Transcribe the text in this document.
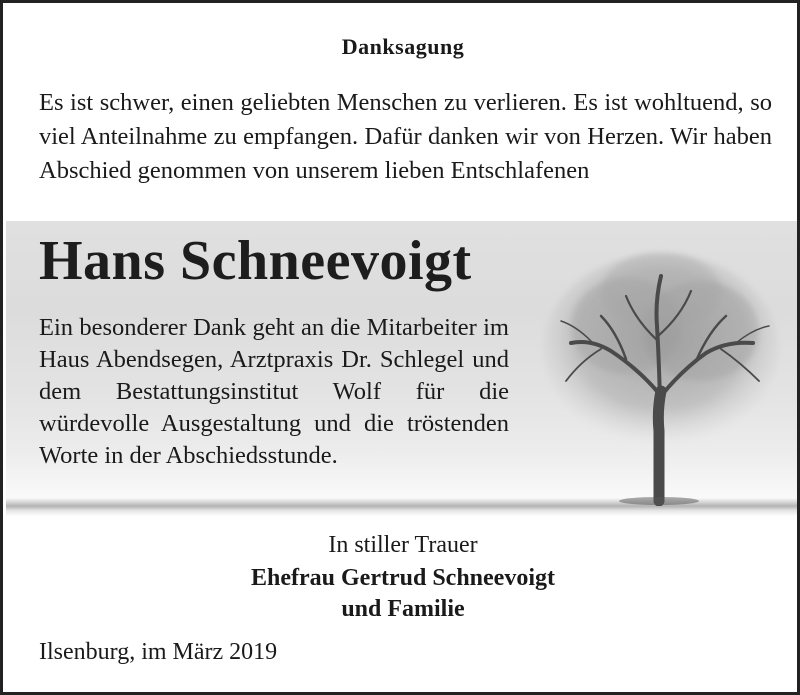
Danksagung
Es ist schwer, einen geliebten Menschen zu verlieren. Es ist wohltuend, so viel Anteilnahme zu empfangen. Dafür danken wir von Herzen. Wir haben Abschied genommen von unserem lieben Entschlafenen
Hans Schneevoigt
Ein besonderer Dank geht an die Mitarbeiter im Haus Abendsegen, Arztpraxis Dr. Schlegel und dem Bestattungsinstitut Wolf für die würdevolle Ausgestaltung und die tröstenden Worte in der Abschiedsstunde.
In stiller Trauer
Ehefrau Gertrud Schneevoigt
und Familie
Ilsenburg, im März 2019
